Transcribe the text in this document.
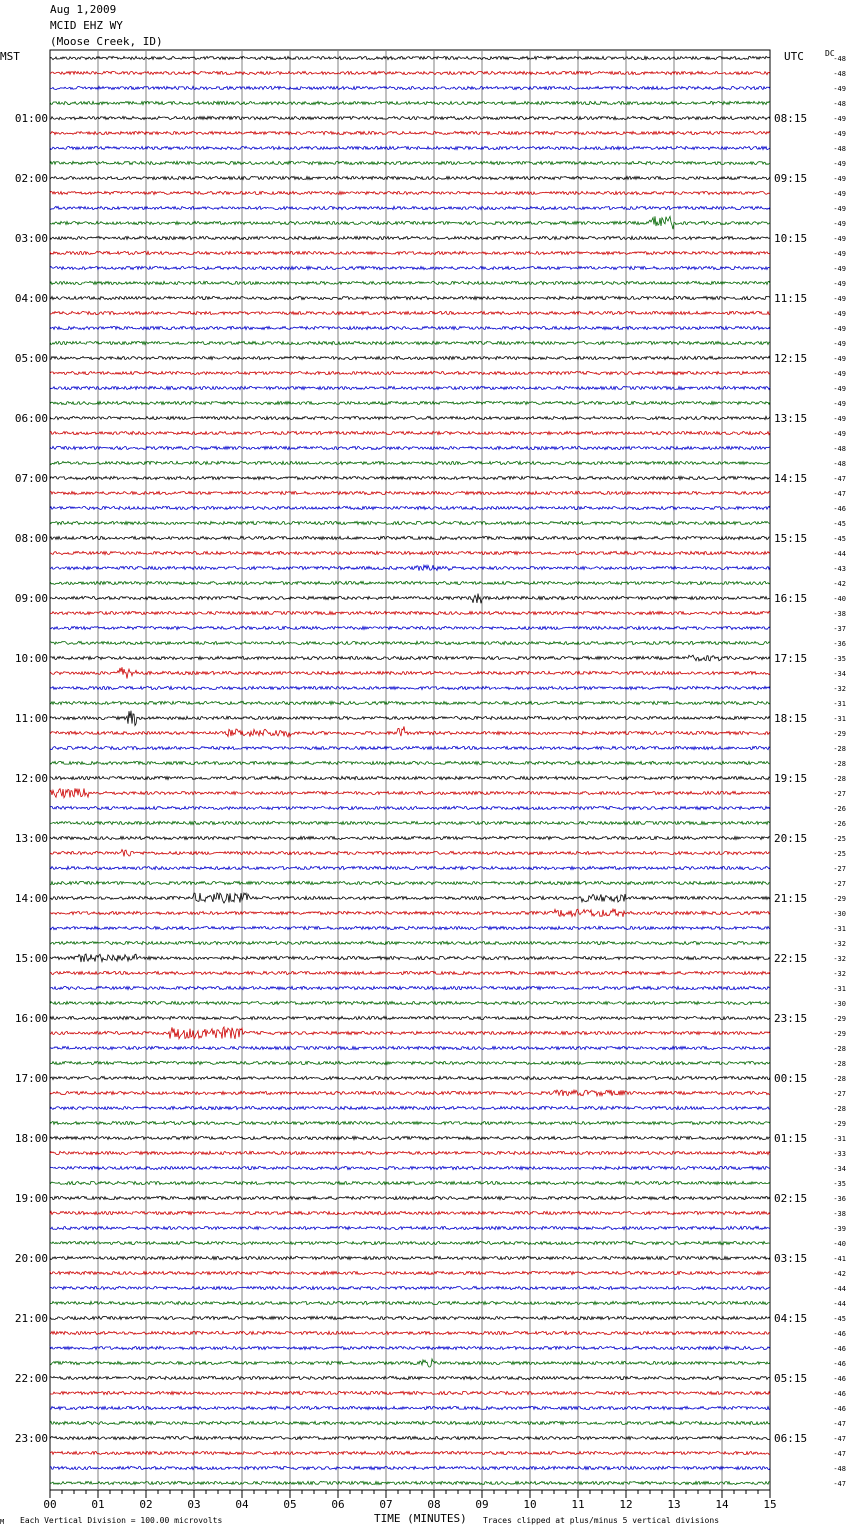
Aug 1,2009
MCID EHZ WY
(Moose Creek, ID)
MST	UTC	DC
00	01	02	03	04	05	06	07	08	09	10	11	12	13	14	15
-48
-48
-49
-48
-49
-49
-48
-49
-49
-49
-49
-49
-49
-49
-49
-49
-49
-49
-49
-49
-49
-49
-49
-49
-49
-49
-48
-48
-47
-47
-46
-45
-45
-44
-43
-42
-40
-38
-37
-36
-35
-34
-32
-31
-31
-29
-28
-28
-28
-27
-26
-26
-25
-25
-27
-27
-29
-30
-31
-32
-32
-32
-31
-30
-29
-29
-28
-28
-28
-27
-28
-29
-31
-33
-34
-35
-36
-38
-39
-40
-41
-42
-44
-44
-45
-46
-46
-46
-46
-46
-46
-47
-47
-47
-48
-47
01:00	08:15
02:00	09:15
03:00	10:15
04:00	11:15
05:00	12:15
06:00	13:15
07:00	14:15
08:00	15:15
09:00	16:15
10:00	17:15
11:00	18:15
12:00	19:15
13:00	20:15
14:00	21:15
15:00	22:15
16:00	23:15
17:00	00:15
18:00	01:15
19:00	02:15
20:00	03:15
21:00	04:15
22:00	05:15
23:00	06:15
TIME (MINUTES)
Each Vertical Division = 100.00 microvolts	Traces clipped at plus/minus 5 vertical divisions
M
